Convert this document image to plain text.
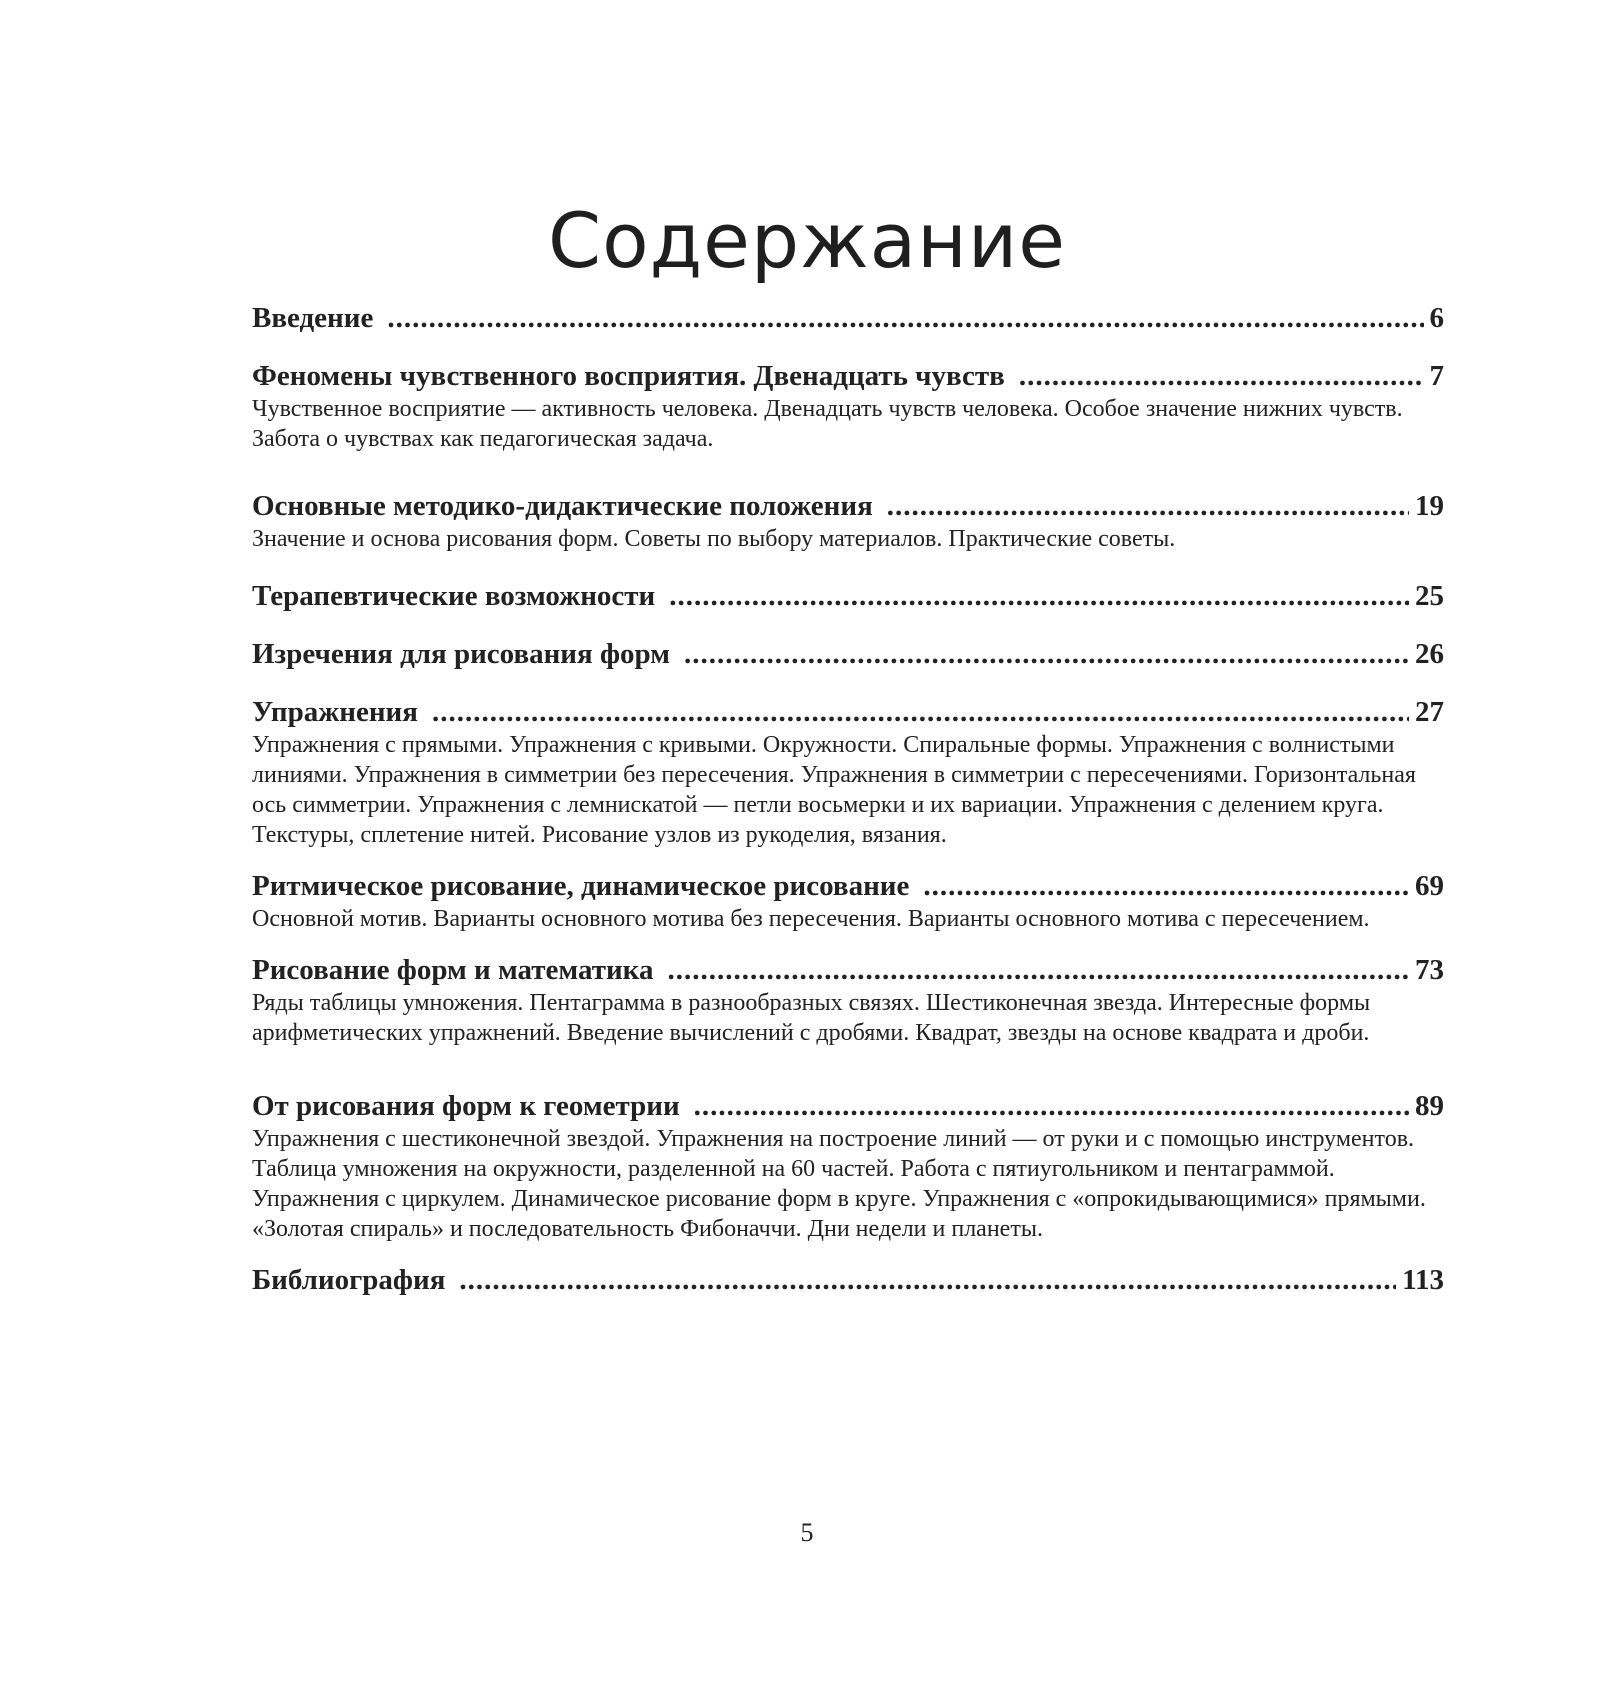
Содержание
Введение .....	6
Феномены чувственного восприятия. Двенадцать чувств .....	7
Чувственное восприятие — активность человека. Двенадцать чувств человека. Особое значение нижних чувств. Забота о чувствах как педагогическая задача.
Основные методико-дидактические положения .....	19
Значение и основа рисования форм. Советы по выбору материалов. Практические советы.
Терапевтические возможности .....	25
Изречения для рисования форм .....	26
Упражнения .....	27
Упражнения с прямыми. Упражнения с кривыми. Окружности. Спиральные формы. Упражнения с волнистыми линиями. Упражнения в симметрии без пересечения. Упражнения в симметрии с пересечениями. Горизонтальная ось симметрии. Упражнения с лемнискатой — петли восьмерки и их вариации. Упражнения с делением круга. Текстуры, сплетение нитей. Рисование узлов из рукоделия, вязания.
Ритмическое рисование, динамическое рисование .....	69
Основной мотив. Варианты основного мотива без пересечения. Варианты основного мотива с пересечением.
Рисование форм и математика .....	73
Ряды таблицы умножения. Пентаграмма в разнообразных связях. Шестиконечная звезда. Интересные формы арифметических упражнений. Введение вычислений с дробями. Квадрат, звезды на основе квадрата и дроби.
От рисования форм к геометрии .....	89
Упражнения с шестиконечной звездой. Упражнения на построение линий — от руки и с помощью инструментов. Таблица умножения на окружности, разделенной на 60 частей. Работа с пятиугольником и пентаграммой. Упражнения с циркулем. Динамическое рисование форм в круге. Упражнения с «опрокидывающимися» прямыми. «Золотая спираль» и последовательность Фибоначчи. Дни недели и планеты.
Библиография .....	113
5
